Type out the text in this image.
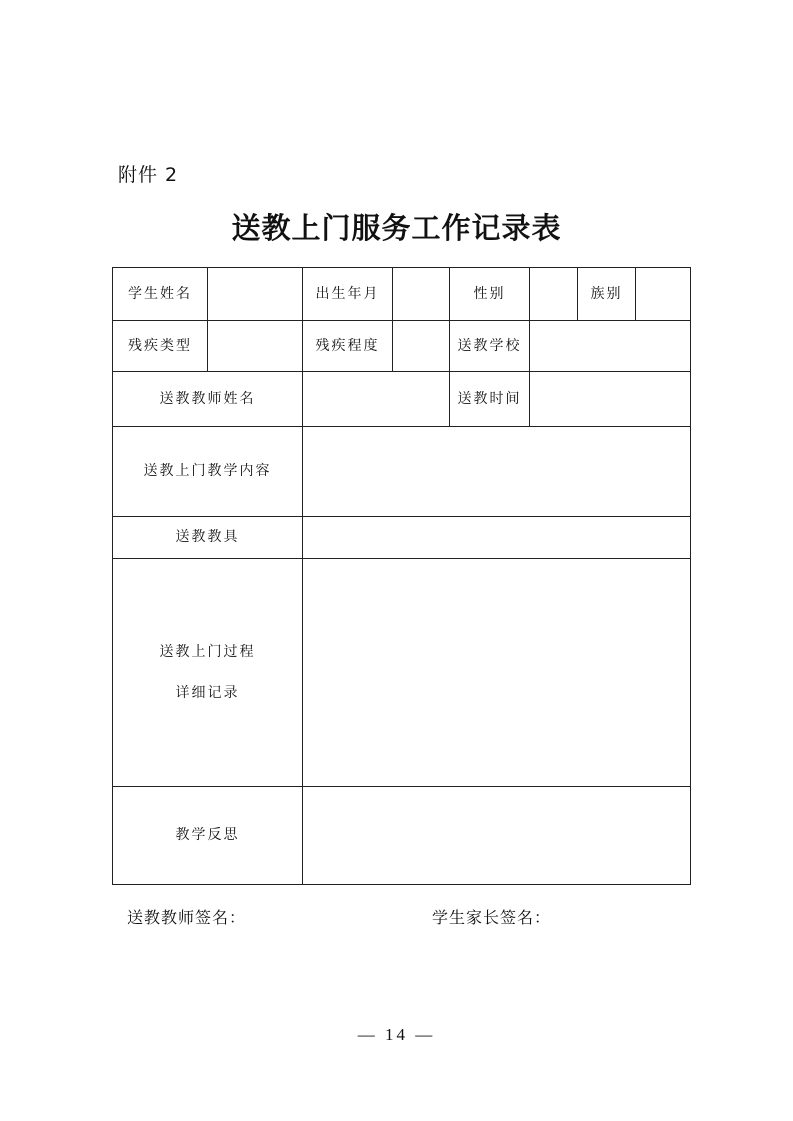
附件 2
送教上门服务工作记录表
学生姓名		出生年月		性别		族别	
残疾类型		残疾程度		送教学校			
送教教师姓名				送教时间			
送教上门教学内容							
送教教具							

送教上门过程
详细记录							

教学反思							
送教教师签名：	学生家长签名：
— 14 —
